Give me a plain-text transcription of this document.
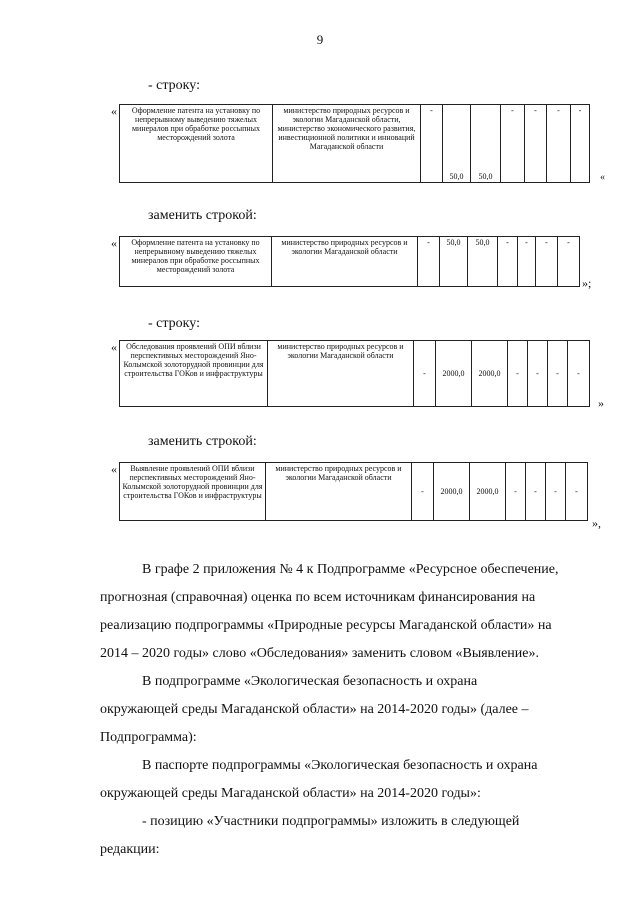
9
- строку:
« Оформление патента на установку по непрерывному выведению тяжелых минералов при обработке россыпных месторождений золота	министерство природных ресурсов и экологии Магаданской области, министерство экономического развития, инвестиционной политики и инноваций Магаданской области	-	50,0	50,0	-	-	-	-
«
заменить строкой:
« Оформление патента на установку по непрерывному выведению тяжелых минералов при обработке россыпных месторождений золота	министерство природных ресурсов и экологии Магаданской области	-	50,0	50,0	-	-	-	-
»;
- строку:
« Обследования проявлений ОПИ вблизи перспективных месторождений Яно-Колымской золоторудной провинции для строительства ГОКов и инфраструктуры	министерство природных ресурсов и экологии Магаданской области	-	2000,0	2000,0	-	-	-	-
»
заменить строкой:
« Выявление проявлений ОПИ вблизи перспективных месторождений Яно-Колымской золоторудной провинции для строительства ГОКов и инфраструктуры	министерство природных ресурсов и экологии Магаданской области	-	2000,0	2000,0	-	-	-	-
»,
В графе 2 приложения № 4 к Подпрограмме «Ресурсное обеспечение,
прогнозная (справочная) оценка по всем источникам финансирования на
реализацию подпрограммы «Природные ресурсы Магаданской области» на
2014 – 2020 годы» слово «Обследования» заменить словом «Выявление».
В подпрограмме «Экологическая безопасность и охрана
окружающей среды Магаданской области» на 2014-2020 годы» (далее –
Подпрограмма):
В паспорте подпрограммы «Экологическая безопасность и охрана
окружающей среды Магаданской области» на 2014-2020 годы»:
- позицию «Участники подпрограммы» изложить в следующей
редакции:
